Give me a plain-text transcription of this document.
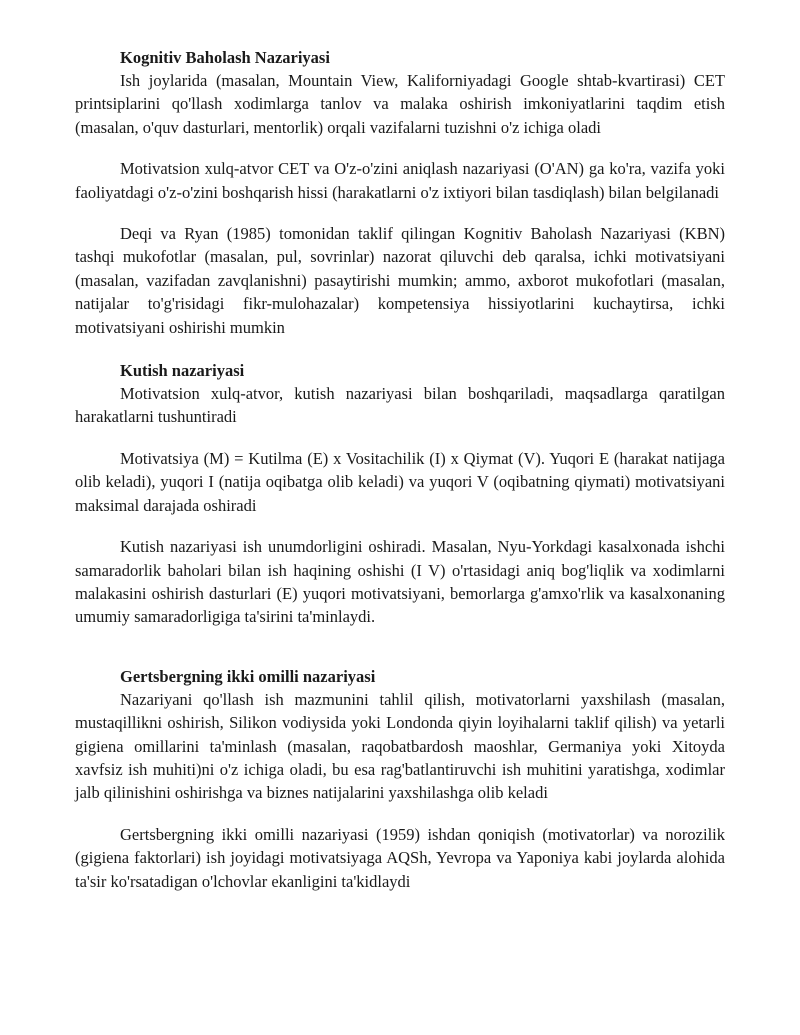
Kognitiv Baholash Nazariyasi

Ish joylarida (masalan, Mountain View, Kaliforniyadagi Google shtab-kvartirasi) CET printsiplarini qo'llash xodimlarga tanlov va malaka oshirish imkoniyatlarini taqdim etish (masalan, o'quv dasturlari, mentorlik) orqali vazifalarni tuzishni o'z ichiga oladi

Motivatsion xulq-atvor CET va O'z-o'zini aniqlash nazariyasi (O'AN) ga ko'ra, vazifa yoki faoliyatdagi o'z-o'zini boshqarish hissi (harakatlarni o'z ixtiyori bilan tasdiqlash) bilan belgilanadi

Deqi va Ryan (1985) tomonidan taklif qilingan Kognitiv Baholash Nazariyasi (KBN) tashqi mukofotlar (masalan, pul, sovrinlar) nazorat qiluvchi deb qaralsa, ichki motivatsiyani (masalan, vazifadan zavqlanishni) pasaytirishi mumkin; ammo, axborot mukofotlari (masalan, natijalar to'g'risidagi fikr-mulohazalar) kompetensiya hissiyotlarini kuchaytirsa, ichki motivatsiyani oshirishi mumkin

Kutish nazariyasi

Motivatsion xulq-atvor, kutish nazariyasi bilan boshqariladi, maqsadlarga qaratilgan harakatlarni tushuntiradi

Motivatsiya (M) = Kutilma (E) x Vositachilik (I) x Qiymat (V). Yuqori E (harakat natijaga olib keladi), yuqori I (natija oqibatga olib keladi) va yuqori V (oqibatning qiymati) motivatsiyani maksimal darajada oshiradi

Kutish nazariyasi ish unumdorligini oshiradi. Masalan, Nyu-Yorkdagi kasalxonada ishchi samaradorlik baholari bilan ish haqining oshishi (I V) o'rtasidagi aniq bog'liqlik va xodimlarni malakasini oshirish dasturlari (E) yuqori motivatsiyani, bemorlarga g'amxo'rlik va kasalxonaning umumiy samaradorligiga ta'sirini ta'minlaydi.

Gertsbergning ikki omilli nazariyasi

Nazariyani qo'llash ish mazmunini tahlil qilish, motivatorlarni yaxshilash (masalan, mustaqillikni oshirish, Silikon vodiysida yoki Londonda qiyin loyihalarni taklif qilish) va yetarli gigiena omillarini ta'minlash (masalan, raqobatbardosh maoshlar, Germaniya yoki Xitoyda xavfsiz ish muhiti)ni o'z ichiga oladi, bu esa rag'batlantiruvchi ish muhitini yaratishga, xodimlar jalb qilinishini oshirishga va biznes natijalarini yaxshilashga olib keladi

Gertsbergning ikki omilli nazariyasi (1959) ishdan qoniqish (motivatorlar) va norozilik (gigiena faktorlari) ish joyidagi motivatsiyaga AQSh, Yevropa va Yaponiya kabi joylarda alohida ta'sir ko'rsatadigan o'lchovlar ekanligini ta'kidlaydi
